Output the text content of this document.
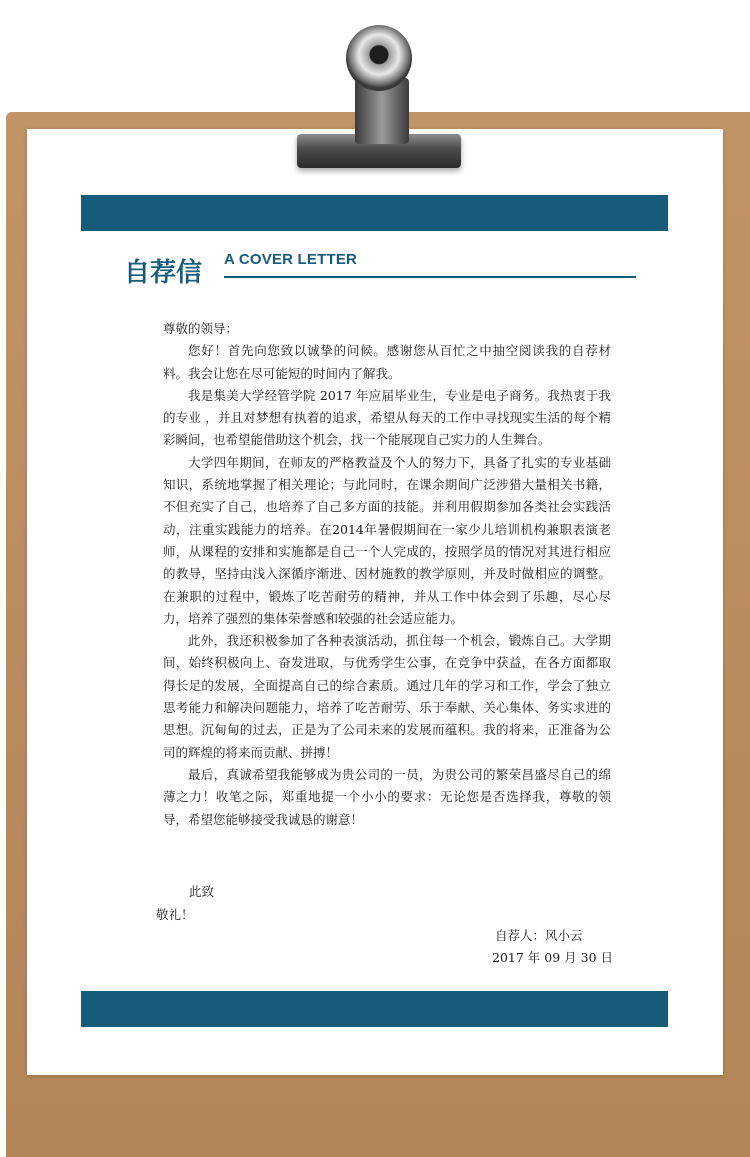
自荐信 A COVER LETTER

尊敬的领导：

您好！首先向您致以诚挚的问候。感谢您从百忙之中抽空阅读我的自荐材料。我会让您在尽可能短的时间内了解我。

我是集美大学经管学院 2017 年应届毕业生，专业是电子商务。我热衷于我的专业 ，并且对梦想有执着的追求，希望从每天的工作中寻找现实生活的每个精彩瞬间，也希望能借助这个机会，找一个能展现自己实力的人生舞台。

大学四年期间，在师友的严格教益及个人的努力下，具备了扎实的专业基础知识，系统地掌握了相关理论；与此同时，在课余期间广泛涉猎大量相关书籍，不但充实了自己，也培养了自己多方面的技能。并利用假期参加各类社会实践活动，注重实践能力的培养。在2014年暑假期间在一家少儿培训机构兼职表演老师，从课程的安排和实施都是自己一个人完成的，按照学员的情况对其进行相应的教导，坚持由浅入深循序渐进、因材施教的教学原则，并及时做相应的调整。在兼职的过程中，锻炼了吃苦耐劳的精神，并从工作中体会到了乐趣，尽心尽力，培养了强烈的集体荣誉感和较强的社会适应能力。

此外，我还积极参加了各种表演活动，抓住每一个机会，锻炼自己。大学期间，始终积极向上、奋发进取，与优秀学生公事，在竞争中获益，在各方面都取得长足的发展，全面提高自己的综合素质。通过几年的学习和工作，学会了独立思考能力和解决问题能力，培养了吃苦耐劳、乐于奉献、关心集体、务实求进的思想。沉甸甸的过去，正是为了公司未来的发展而蕴积。我的将来，正准备为公司的辉煌的将来而贡献、拼搏！

最后，真诚希望我能够成为贵公司的一员，为贵公司的繁荣昌盛尽自己的绵薄之力！收笔之际，郑重地提一个小小的要求：无论您是否选择我，尊敬的领导，希望您能够接受我诚恳的谢意！

此致

敬礼！

自荐人：风小云

2017 年 09 月 30 日
